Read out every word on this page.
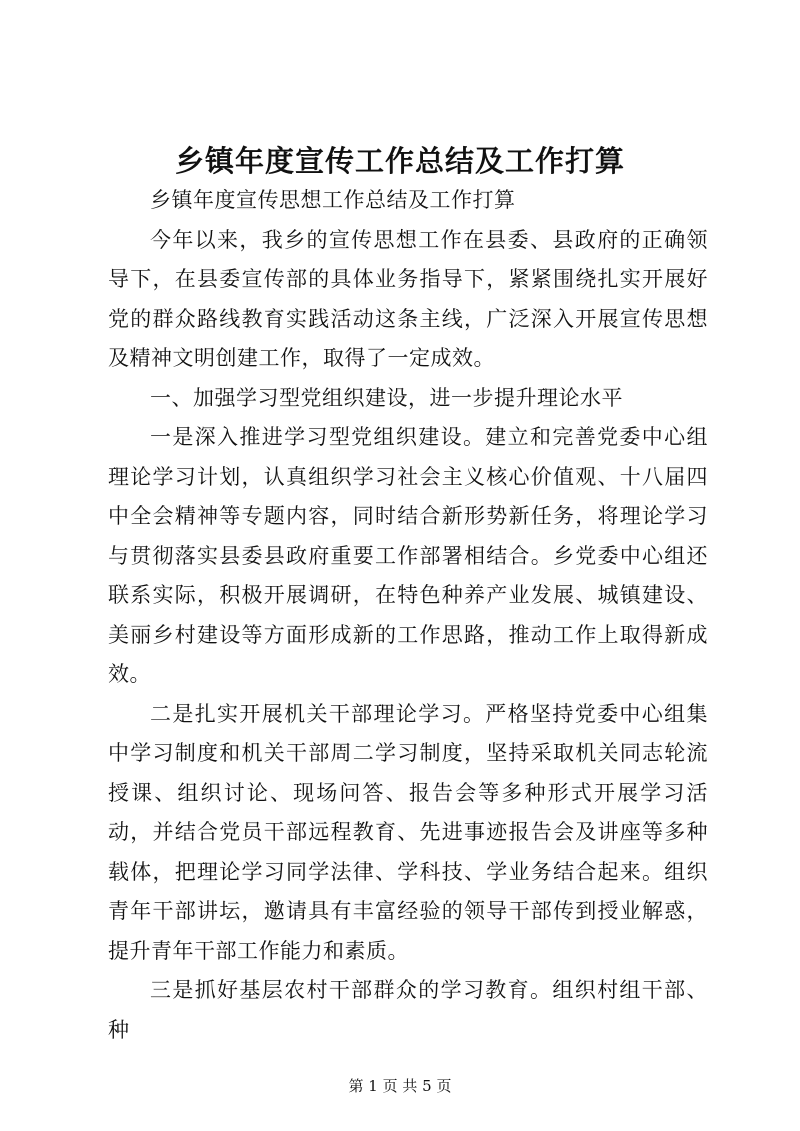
乡镇年度宣传工作总结及工作打算

乡镇年度宣传思想工作总结及工作打算

今年以来，我乡的宣传思想工作在县委、县政府的正确领导下，在县委宣传部的具体业务指导下，紧紧围绕扎实开展好党的群众路线教育实践活动这条主线，广泛深入开展宣传思想及精神文明创建工作，取得了一定成效。

一、加强学习型党组织建设，进一步提升理论水平

一是深入推进学习型党组织建设。建立和完善党委中心组理论学习计划，认真组织学习社会主义核心价值观、十八届四中全会精神等专题内容，同时结合新形势新任务，将理论学习与贯彻落实县委县政府重要工作部署相结合。乡党委中心组还联系实际，积极开展调研，在特色种养产业发展、城镇建设、美丽乡村建设等方面形成新的工作思路，推动工作上取得新成效。

二是扎实开展机关干部理论学习。严格坚持党委中心组集中学习制度和机关干部周二学习制度，坚持采取机关同志轮流授课、组织讨论、现场问答、报告会等多种形式开展学习活动，并结合党员干部远程教育、先进事迹报告会及讲座等多种载体，把理论学习同学法律、学科技、学业务结合起来。组织青年干部讲坛，邀请具有丰富经验的领导干部传到授业解惑，提升青年干部工作能力和素质。

三是抓好基层农村干部群众的学习教育。组织村组干部、种

第 1 页 共 5 页
